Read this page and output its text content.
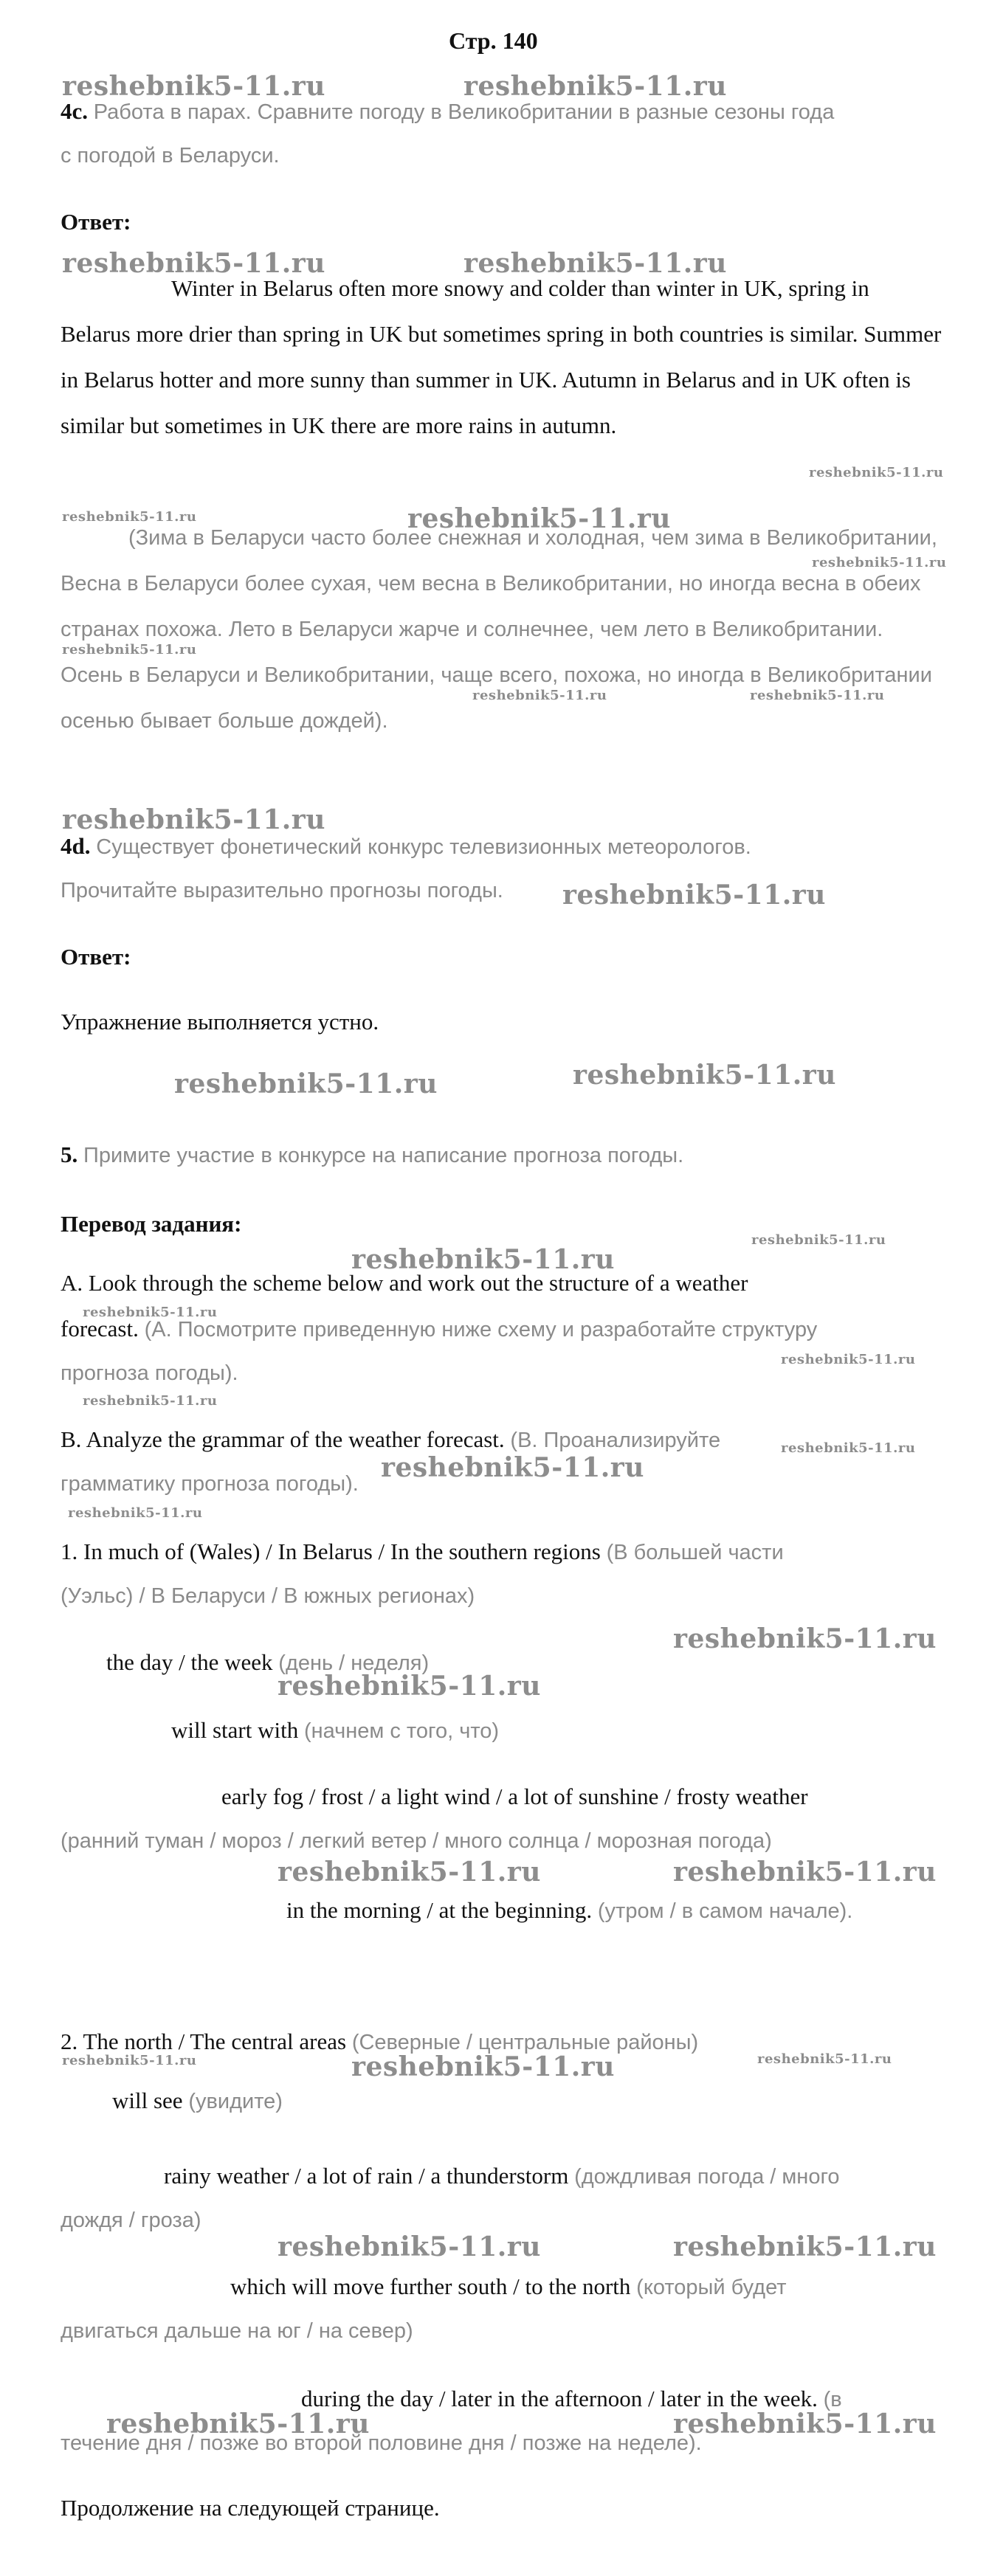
Стр. 140
reshebnik5-11.ru	reshebnik5-11.ru
4c. Работа в парах. Сравните погоду в Великобритании в разные сезоны года
с погодой в Беларуси.
Ответ:
reshebnik5-11.ru	reshebnik5-11.ru
Winter in Belarus often more snowy and colder than winter in UK, spring in Belarus more drier than spring in UK but sometimes spring in both countries is similar. Summer in Belarus hotter and more sunny than summer in UK. Autumn in Belarus and in UK often is similar but sometimes in UK there are more rains in autumn.
reshebnik5-11.ru
reshebnik5-11.ru	reshebnik5-11.ru
reshebnik5-11.ru
reshebnik5-11.ru
reshebnik5-11.ru	reshebnik5-11.ru
(Зима в Беларуси часто более снежная и холодная, чем зима в Великобритании, Весна в Беларуси более сухая, чем весна в Великобритании, но иногда весна в обеих странах похожа. Лето в Беларуси жарче и солнечнее, чем лето в Великобритании. Осень в Беларуси и Великобритании, чаще всего, похожа, но иногда в Великобритании осенью бывает больше дождей).
reshebnik5-11.ru
4d. Существует фонетический конкурс телевизионных метеорологов.
Прочитайте выразительно прогнозы погоды. reshebnik5-11.ru
Ответ:
Упражнение выполняется устно.
reshebnik5-11.ru	reshebnik5-11.ru
5. Примите участие в конкурсе на написание прогноза погоды.
Перевод задания:
reshebnik5-11.ru
reshebnik5-11.ru
A. Look through the scheme below and work out the structure of a weather
reshebnik5-11.ru
forecast. (А. Посмотрите приведенную ниже схему и разработайте структуру
reshebnik5-11.ru
прогноза погоды).
reshebnik5-11.ru
B. Analyze the grammar of the weather forecast. (В. Проанализируйте	reshebnik5-11.ru
reshebnik5-11.ru
грамматику прогноза погоды).
reshebnik5-11.ru
1. In much of (Wales) / In Belarus / In the southern regions (В большей части
(Уэльс) / В Беларуси / В южных регионах)
reshebnik5-11.ru
the day / the week (день / неделя)
reshebnik5-11.ru
will start with (начнем с того, что)
early fog / frost / a light wind / a lot of sunshine / frosty weather
(ранний туман / мороз / легкий ветер / много солнца / морозная погода)
reshebnik5-11.ru	reshebnik5-11.ru
in the morning / at the beginning. (утром / в самом начале).
2. The north / The central areas (Северные / центральные районы)
reshebnik5-11.ru	reshebnik5-11.ru	reshebnik5-11.ru
will see (увидите)
rainy weather / a lot of rain / a thunderstorm (дождливая погода / много
дождя / гроза)
reshebnik5-11.ru	reshebnik5-11.ru
which will move further south / to the north (который будет
двигаться дальше на юг / на север)
during the day / later in the afternoon / later in the week. (в
reshebnik5-11.ru	reshebnik5-11.ru
течение дня / позже во второй половине дня / позже на неделе).
Продолжение на следующей странице.
